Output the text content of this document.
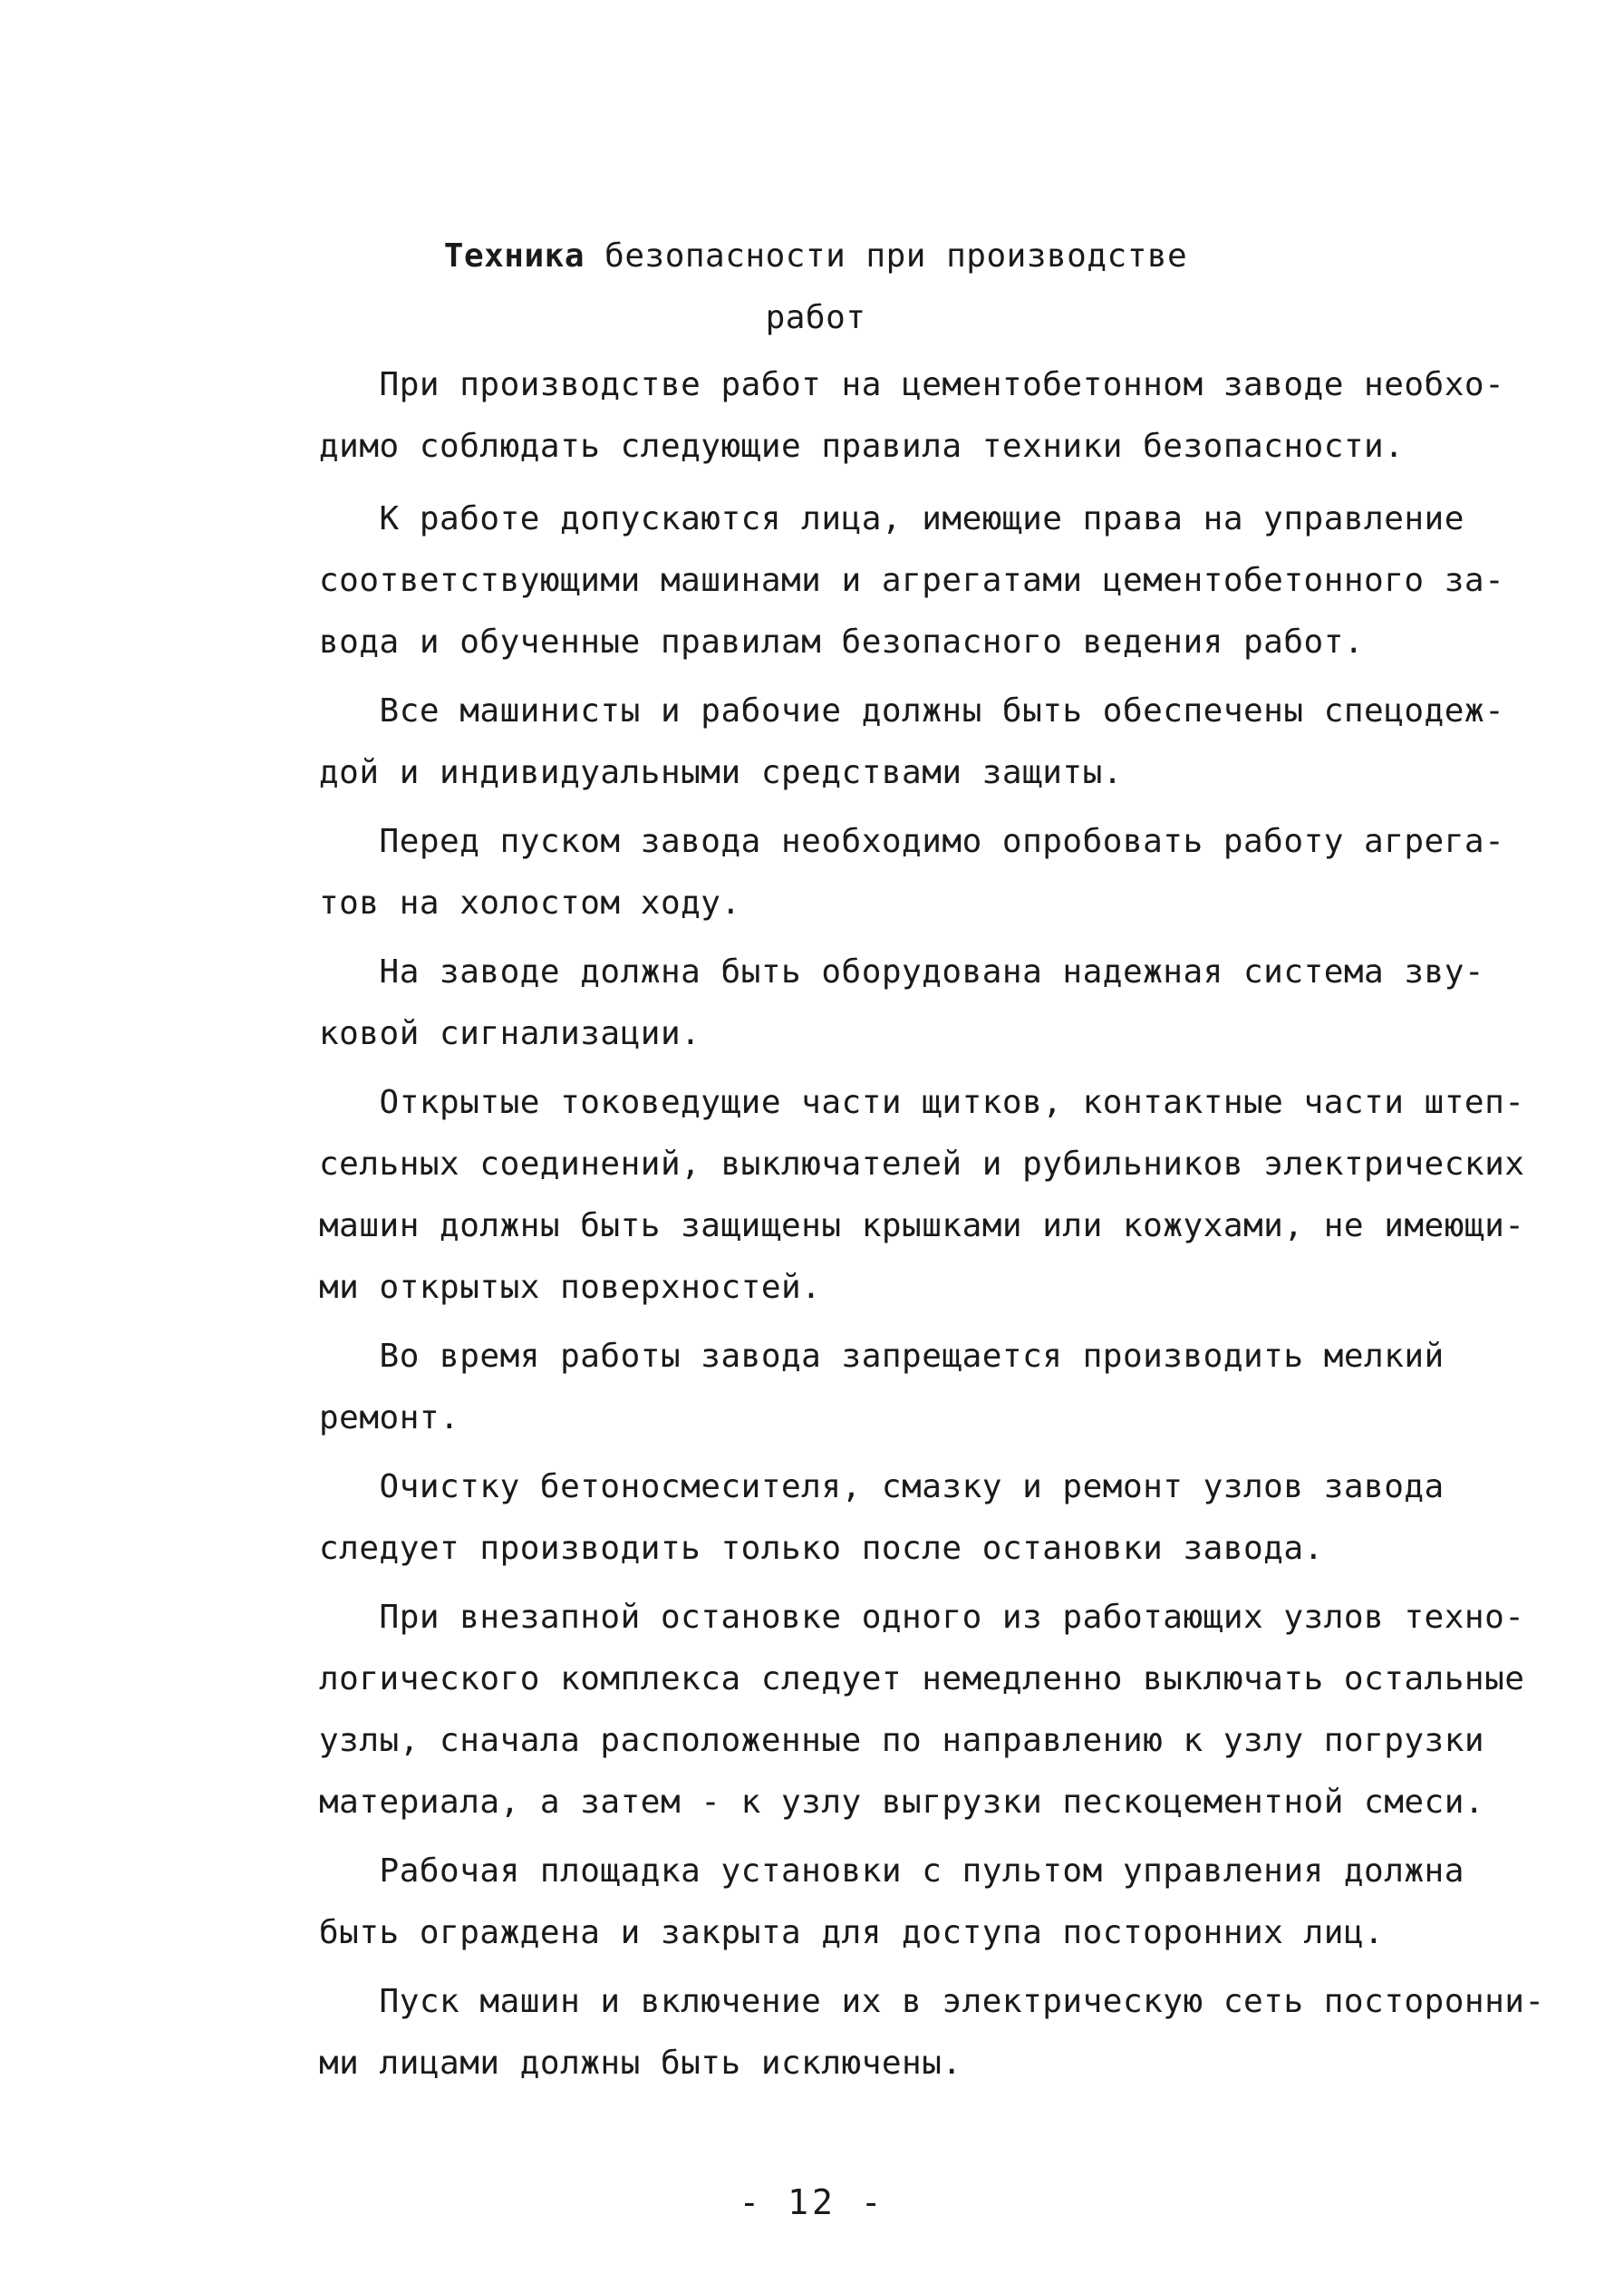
Техника безопасности при производстве
работ
При производстве работ на цементобетонном заводе необхо-
димо соблюдать следующие правила техники безопасности.
К работе допускаются лица, имеющие права на управление
соответствующими машинами и агрегатами цементобетонного за-
вода и обученные правилам безопасного ведения работ.
Все машинисты и рабочие должны быть обеспечены спецодеж-
дой и индивидуальными средствами защиты.
Перед пуском завода необходимо опробовать работу агрега-
тов на холостом ходу.
На заводе должна быть оборудована надежная система зву-
ковой сигнализации.
Открытые токоведущие части щитков, контактные части штеп-
сельных соединений, выключателей и рубильников электрических
машин должны быть защищены крышками или кожухами, не имеющи-
ми открытых поверхностей.
Во время работы завода запрещается производить мелкий
ремонт.
Очистку бетоносмесителя, смазку и ремонт узлов завода
следует производить только после остановки завода.
При внезапной остановке одного из работающих узлов техно-
логического комплекса следует немедленно выключать остальные
узлы, сначала расположенные по направлению к узлу погрузки
материала, а затем - к узлу выгрузки пескоцементной смеси.
Рабочая площадка установки с пультом управления должна
быть ограждена и закрыта для доступа посторонних лиц.
Пуск машин и включение их в электрическую сеть посторонни-
ми лицами должны быть исключены.
- 12 -
